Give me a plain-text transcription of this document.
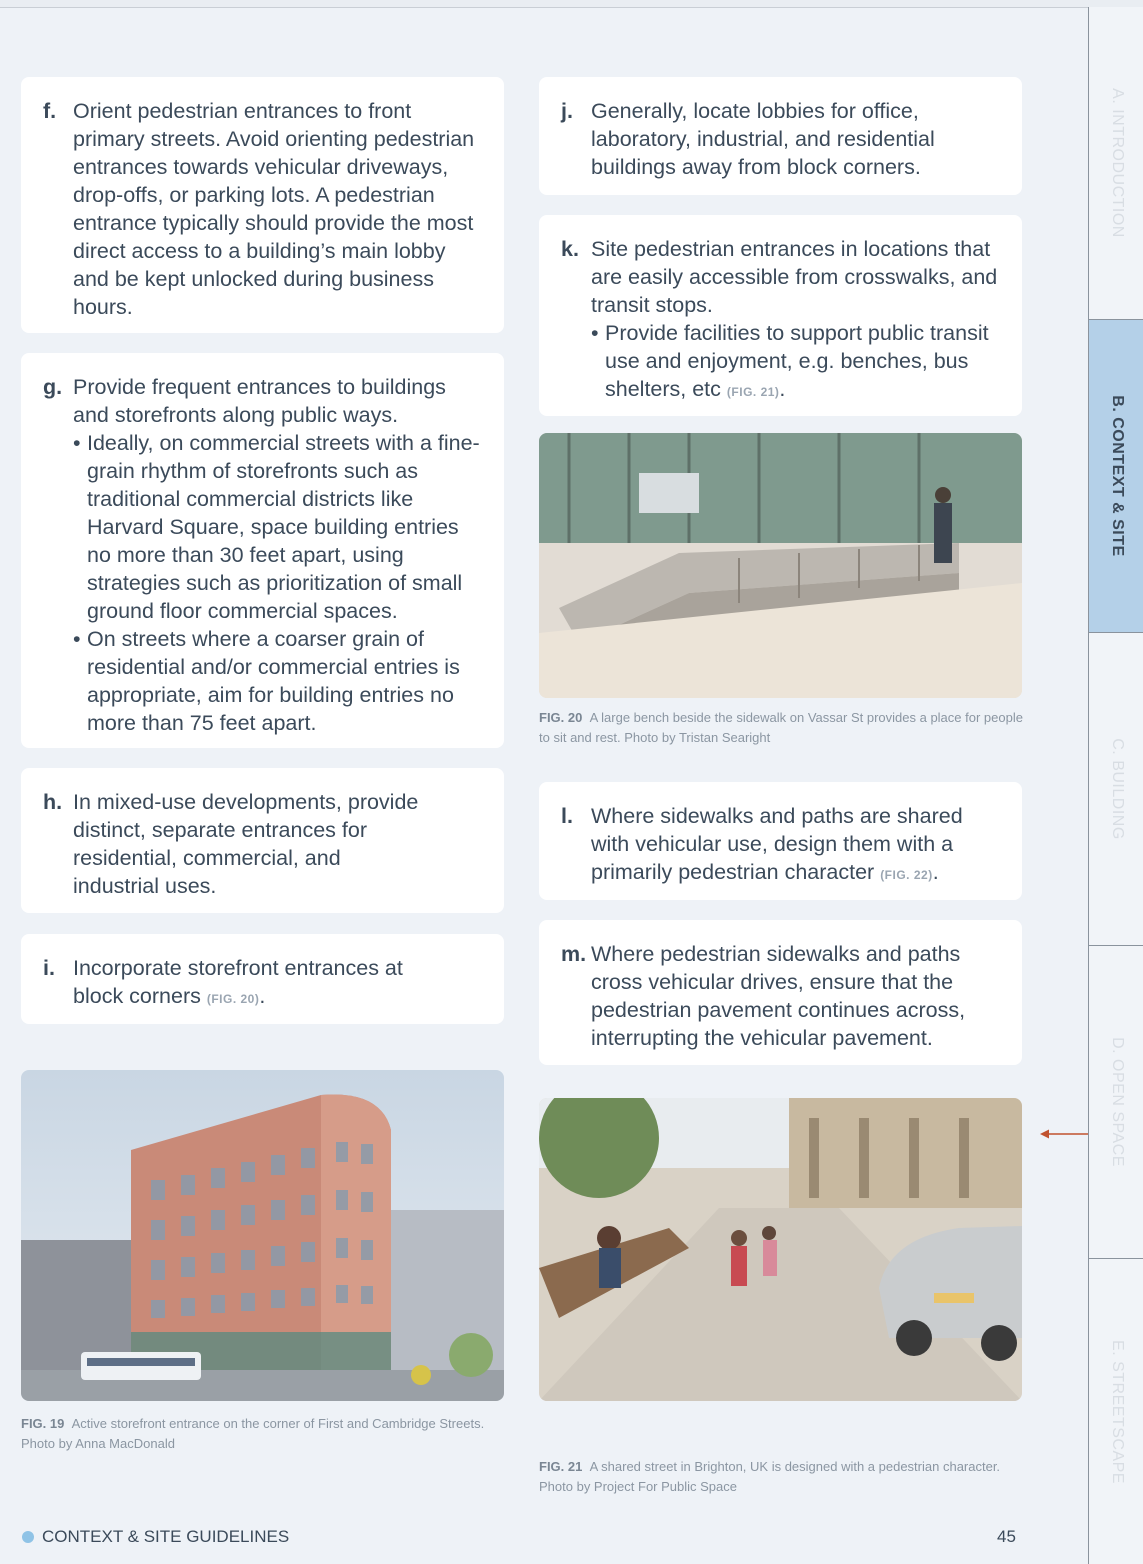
f. Orient pedestrian entrances to front primary streets. Avoid orienting pedestrian entrances towards vehicular driveways, drop-offs, or parking lots. A pedestrian entrance typically should provide the most direct access to a building’s main lobby and be kept unlocked during business hours.
g. Provide frequent entrances to buildings and storefronts along public ways.
• Ideally, on commercial streets with a fine-grain rhythm of storefronts such as traditional commercial districts like Harvard Square, space building entries no more than 30 feet apart, using strategies such as prioritization of small ground floor commercial spaces.
• On streets where a coarser grain of residential and/or commercial entries is appropriate, aim for building entries no more than 75 feet apart.
h. In mixed-use developments, provide distinct, separate entrances for residential, commercial, and industrial uses.
i. Incorporate storefront entrances at block corners (FIG. 20).
FIG. 19 Active storefront entrance on the corner of First and Cambridge Streets. Photo by Anna MacDonald
j. Generally, locate lobbies for office, laboratory, industrial, and residential buildings away from block corners.
k. Site pedestrian entrances in locations that are easily accessible from crosswalks, and transit stops.
• Provide facilities to support public transit use and enjoyment, e.g. benches, bus shelters, etc (FIG. 21).
FIG. 20 A large bench beside the sidewalk on Vassar St provides a place for people to sit and rest. Photo by Tristan Searight
l. Where sidewalks and paths are shared with vehicular use, design them with a primarily pedestrian character (FIG. 22).
m. Where pedestrian sidewalks and paths cross vehicular drives, ensure that the pedestrian pavement continues across, interrupting the vehicular pavement.
FIG. 21 A shared street in Brighton, UK is designed with a pedestrian character. Photo by Project For Public Space
CONTEXT & SITE GUIDELINES	45
A. INTRODUCTION
B. CONTEXT & SITE
C. BUILDING
D. OPEN SPACE
E. STREETSCAPE
